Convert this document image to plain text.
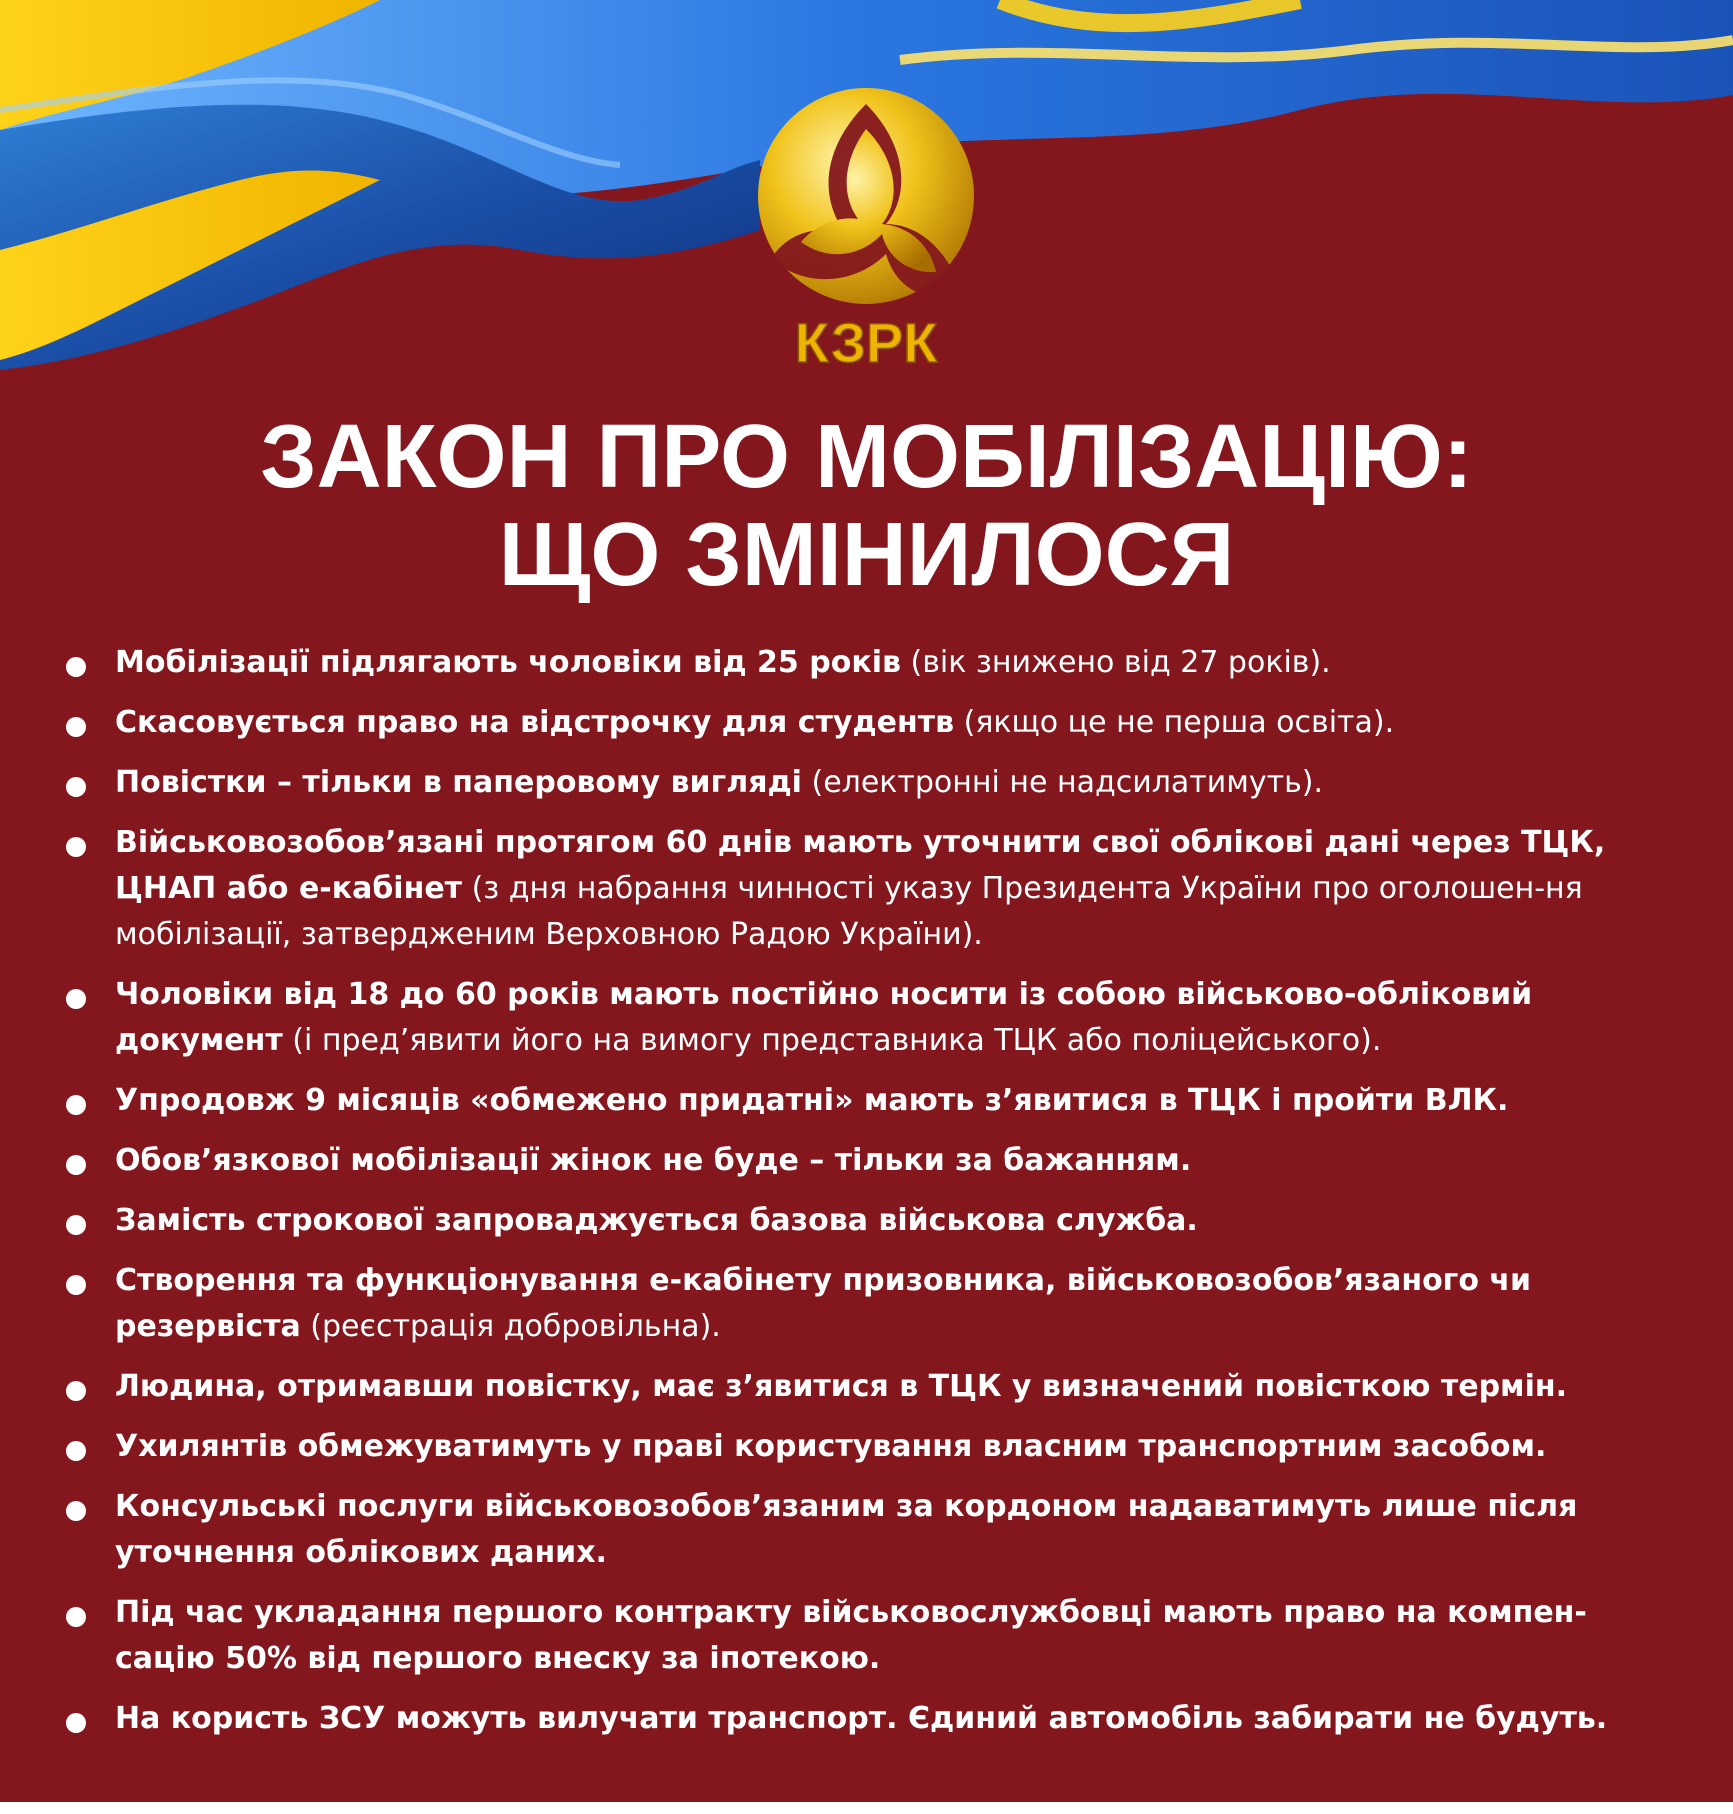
КЗРК
ЗАКОН ПРО МОБІЛІЗАЦІЮ:
ЩО ЗМІНИЛОСЯ
Мобілізації підлягають чоловіки від 25 років (вік знижено від 27 років).
Скасовується право на відстрочку для студентв (якщо це не перша освіта).
Повістки – тільки в паперовому вигляді (електронні не надсилатимуть).
Військовозобов’язані протягом 60 днів мають уточнити свої облікові дані через ТЦК, ЦНАП або е-кабінет (з дня набрання чинності указу Президента України про оголошен-ня мобілізації, затвердженим Верховною Радою України).
Чоловіки від 18 до 60 років мають постійно носити із собою військово-обліковий документ (і пред’явити його на вимогу представника ТЦК або поліцейського).
Упродовж 9 місяців «обмежено придатні» мають з’явитися в ТЦК і пройти ВЛК.
Обов’язкової мобілізації жінок не буде – тільки за бажанням.
Замість строкової запроваджується базова військова служба.
Створення та функціонування е-кабінету призовника, військовозобов’язаного чи резервіста (реєстрація добровільна).
Людина, отримавши повістку, має з’явитися в ТЦК у визначений повісткою термін.
Ухилянтів обмежуватимуть у праві користування власним транспортним засобом.
Консульські послуги військовозобов’язаним за кордоном надаватимуть лише після уточнення облікових даних.
Під час укладання першого контракту військовослужбовці мають право на компен-сацію 50% від першого внеску за іпотекою.
На користь ЗСУ можуть вилучати транспорт. Єдиний автомобіль забирати не будуть.
